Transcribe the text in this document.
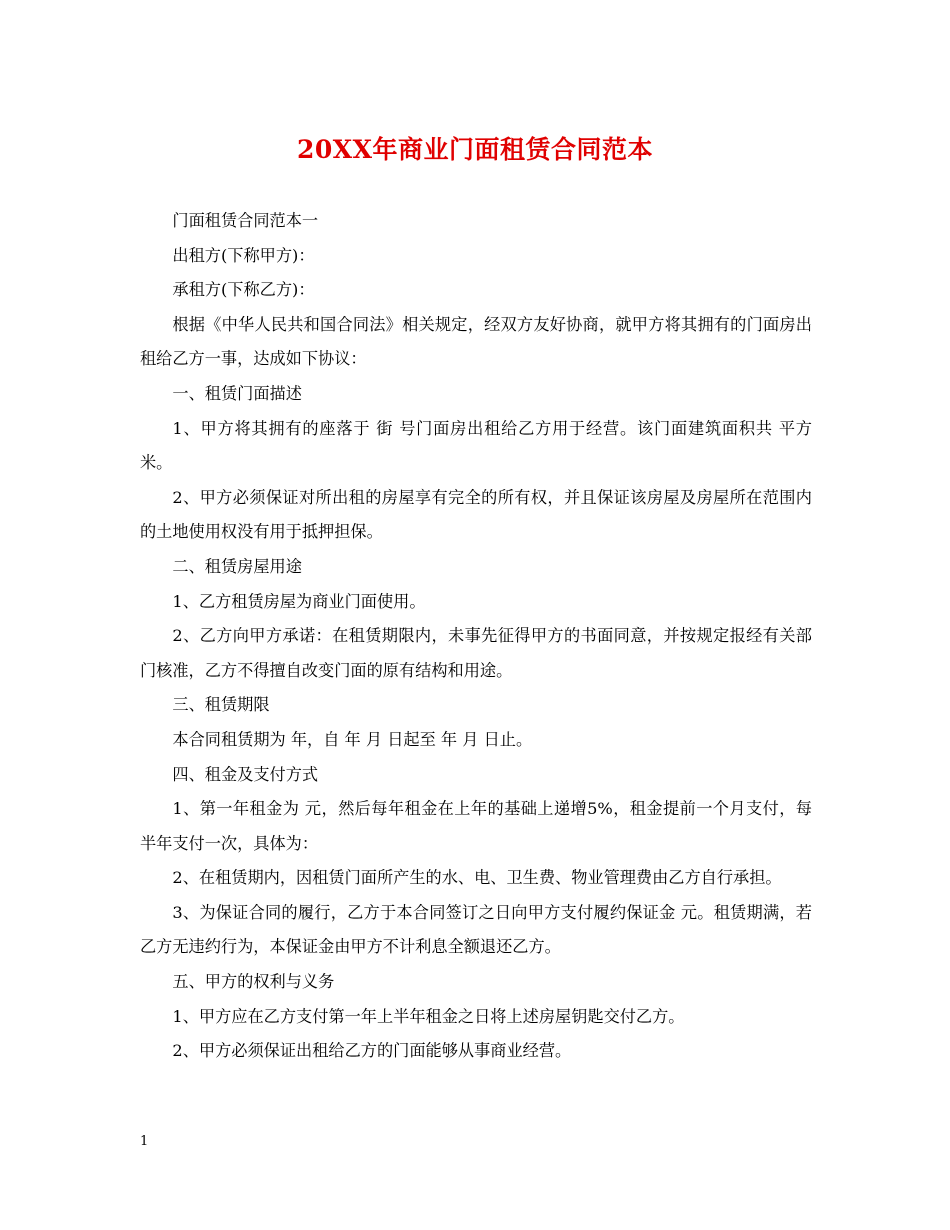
20XX年商业门面租赁合同范本

门面租赁合同范本一

出租方(下称甲方)：

承租方(下称乙方)：

根据《中华人民共和国合同法》相关规定，经双方友好协商，就甲方将其拥有的门面房出租给乙方一事，达成如下协议：

一、租赁门面描述

1、甲方将其拥有的座落于 街 号门面房出租给乙方用于经营。该门面建筑面积共 平方米。

2、甲方必须保证对所出租的房屋享有完全的所有权，并且保证该房屋及房屋所在范围内的土地使用权没有用于抵押担保。

二、租赁房屋用途

1、乙方租赁房屋为商业门面使用。

2、乙方向甲方承诺：在租赁期限内，未事先征得甲方的书面同意，并按规定报经有关部门核准，乙方不得擅自改变门面的原有结构和用途。

三、租赁期限

本合同租赁期为 年，自 年 月 日起至 年 月 日止。

四、租金及支付方式

1、第一年租金为 元，然后每年租金在上年的基础上递增5%，租金提前一个月支付，每半年支付一次，具体为：

2、在租赁期内，因租赁门面所产生的水、电、卫生费、物业管理费由乙方自行承担。

3、为保证合同的履行，乙方于本合同签订之日向甲方支付履约保证金 元。租赁期满，若乙方无违约行为，本保证金由甲方不计利息全额退还乙方。

五、甲方的权利与义务

1、甲方应在乙方支付第一年上半年租金之日将上述房屋钥匙交付乙方。

2、甲方必须保证出租给乙方的门面能够从事商业经营。

1
